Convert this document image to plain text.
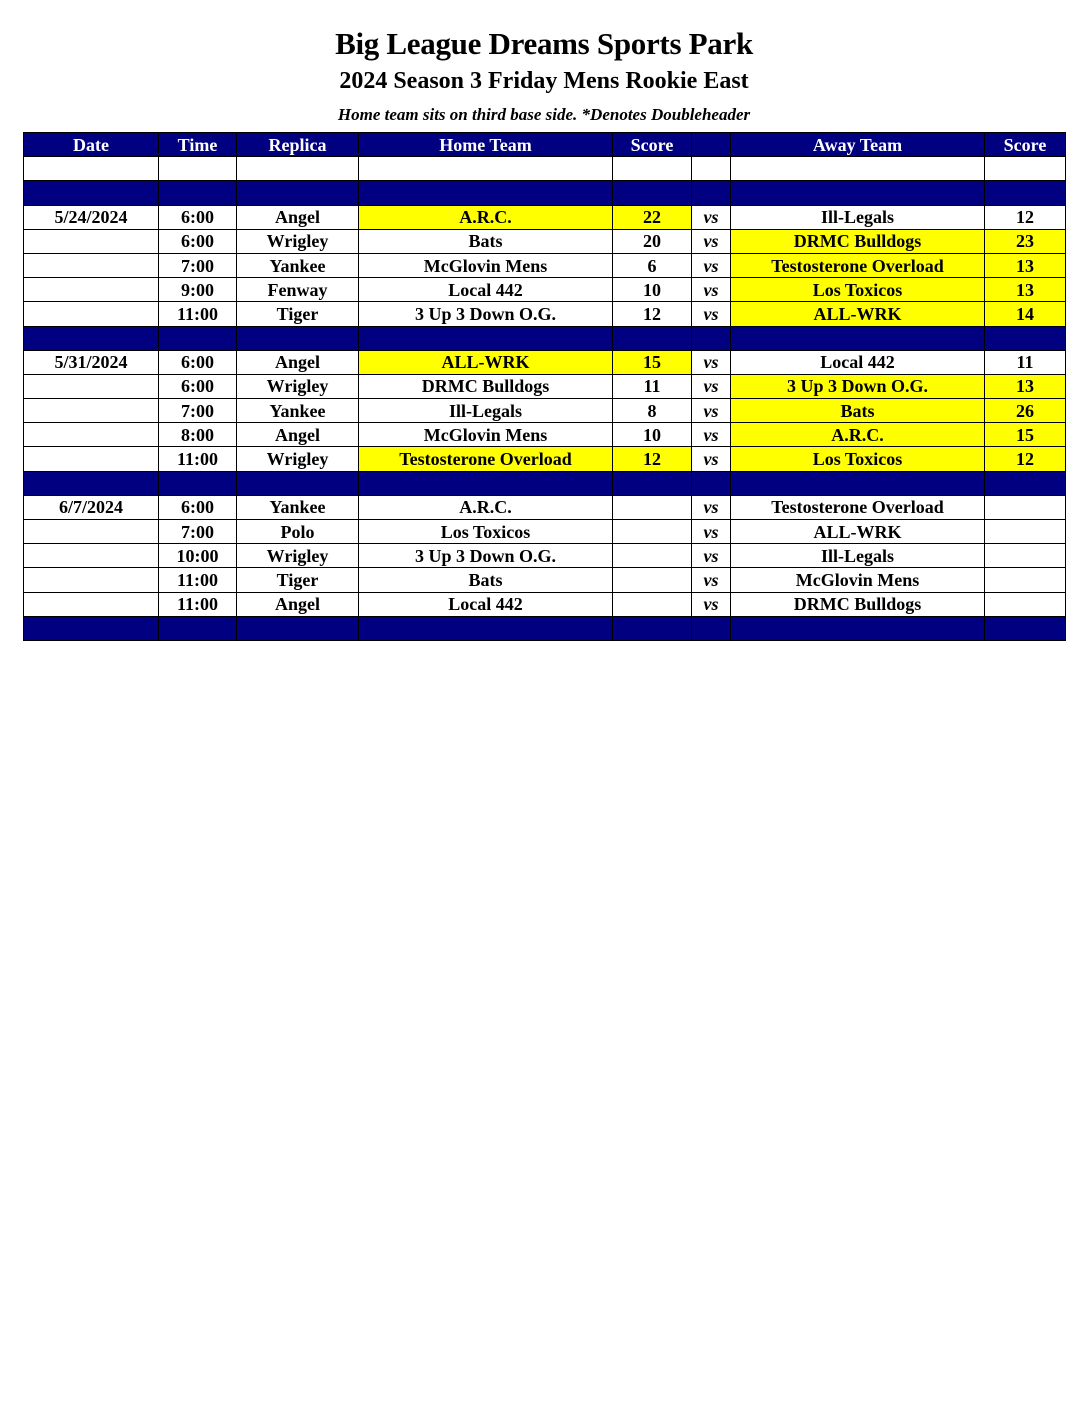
Big League Dreams Sports Park
2024 Season 3 Friday Mens Rookie East
Home team sits on third base side. *Denotes Doubleheader
Date	Time	Replica	Home Team	Score		Away Team	Score

5/24/2024	6:00	Angel	A.R.C.	22	vs	Ill-Legals	12
	6:00	Wrigley	Bats	20	vs	DRMC Bulldogs	23
	7:00	Yankee	McGlovin Mens	6	vs	Testosterone Overload	13
	9:00	Fenway	Local 442	10	vs	Los Toxicos	13
	11:00	Tiger	3 Up 3 Down O.G.	12	vs	ALL-WRK	14

5/31/2024	6:00	Angel	ALL-WRK	15	vs	Local 442	11
	6:00	Wrigley	DRMC Bulldogs	11	vs	3 Up 3 Down O.G.	13
	7:00	Yankee	Ill-Legals	8	vs	Bats	26
	8:00	Angel	McGlovin Mens	10	vs	A.R.C.	15
	11:00	Wrigley	Testosterone Overload	12	vs	Los Toxicos	12

6/7/2024	6:00	Yankee	A.R.C.		vs	Testosterone Overload	
	7:00	Polo	Los Toxicos		vs	ALL-WRK	
	10:00	Wrigley	3 Up 3 Down O.G.		vs	Ill-Legals	
	11:00	Tiger	Bats		vs	McGlovin Mens	
	11:00	Angel	Local 442		vs	DRMC Bulldogs	
